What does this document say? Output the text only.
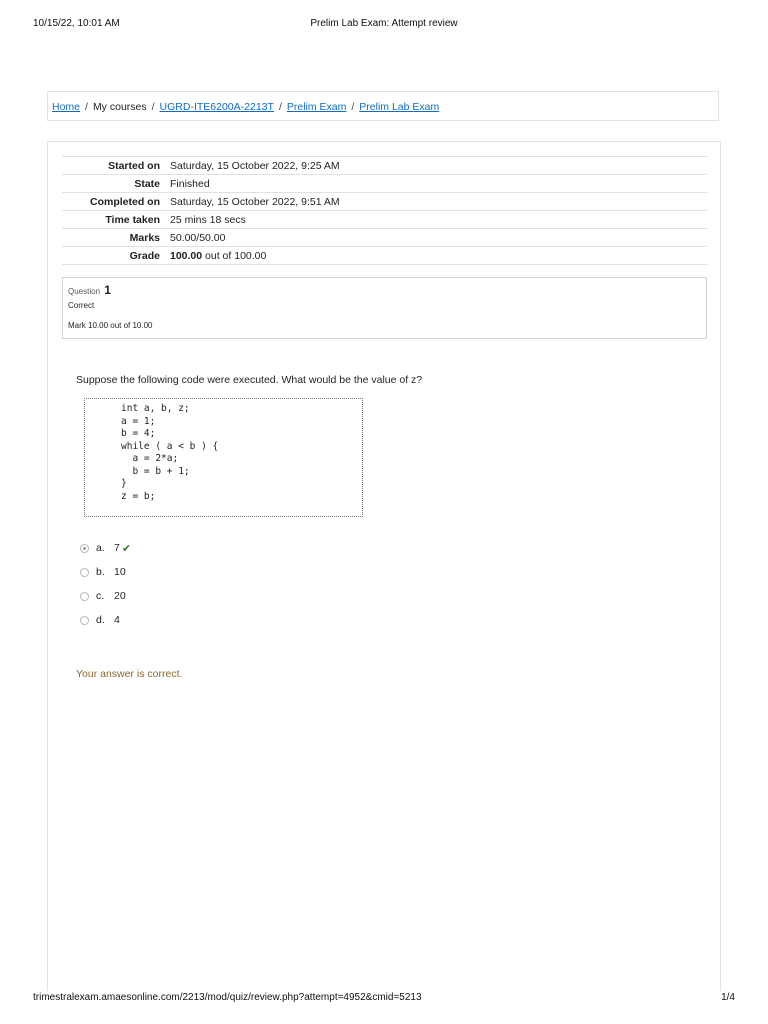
10/15/22, 10:01 AM	Prelim Lab Exam: Attempt review
Home / My courses / UGRD-ITE6200A-2213T / Prelim Exam / Prelim Lab Exam
Started on	Saturday, 15 October 2022, 9:25 AM
State	Finished
Completed on	Saturday, 15 October 2022, 9:51 AM
Time taken	25 mins 18 secs
Marks	50.00/50.00
Grade	100.00 out of 100.00
Question 1
Correct
Mark 10.00 out of 10.00
Suppose the following code were executed. What would be the value of z?
int a, b, z;
a = 1;
b = 4;
while ( a < b ) {
a = 2*a;
b = b + 1;
}
z = b;
a. 7 ✔
b. 10
c. 20
d. 4
Your answer is correct.
trimestralexam.amaesonline.com/2213/mod/quiz/review.php?attempt=4952&cmid=5213	1/4
